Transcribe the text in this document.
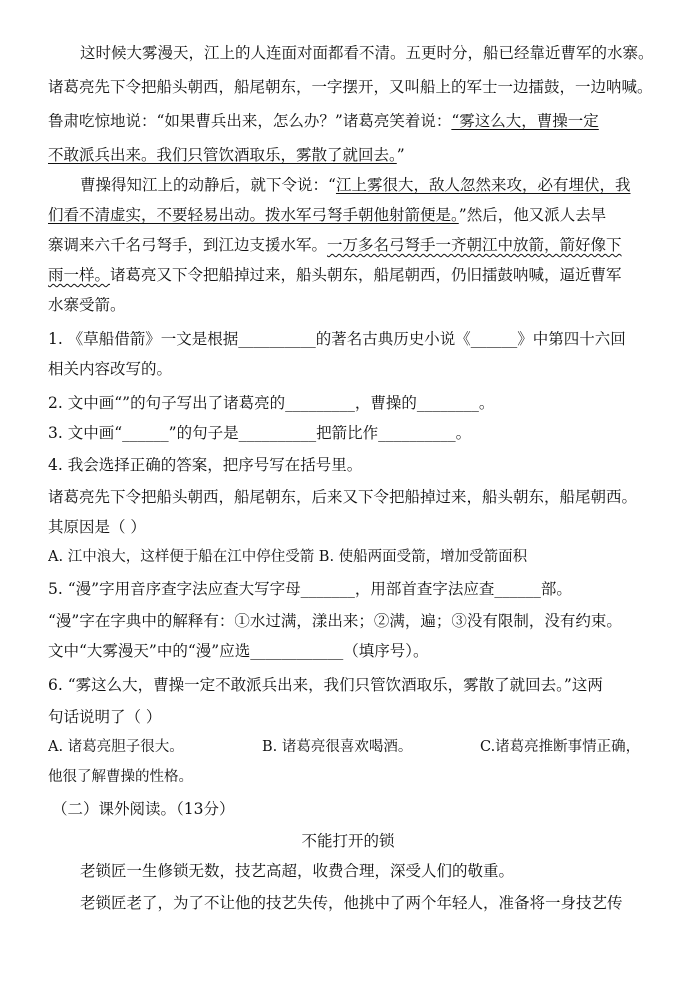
这时候大雾漫天，江上的人连面对面都看不清。五更时分，船已经靠近曹军的水寨。
诸葛亮先下令把船头朝西，船尾朝东，一字摆开，又叫船上的军士一边擂鼓，一边呐喊。
鲁肃吃惊地说：“如果曹兵出来，怎么办？”诸葛亮笑着说：“雾这么大，曹操一定
不敢派兵出来。我们只管饮酒取乐，雾散了就回去。”
曹操得知江上的动静后，就下令说：“江上雾很大，敌人忽然来攻，必有埋伏，我
们看不清虚实，不要轻易出动。拨水军弓弩手朝他射箭便是。”然后，他又派人去旱
寨调来六千名弓弩手，到江边支援水军。一万多名弓弩手一齐朝江中放箭，箭好像下
雨一样。诸葛亮又下令把船掉过来，船头朝东，船尾朝西，仍旧擂鼓呐喊，逼近曹军
水寨受箭。
1. 《草船借箭》一文是根据__________的著名古典历史小说《______》中第四十六回
相关内容改写的。
2. 文中画“”的句子写出了诸葛亮的_________，曹操的________。
3. 文中画“______”的句子是__________把箭比作__________。
4. 我会选择正确的答案，把序号写在括号里。
诸葛亮先下令把船头朝西，船尾朝东，后来又下令把船掉过来，船头朝东，船尾朝西。
其原因是（ ）
A. 江中浪大，这样便于船在江中停住受箭 B. 使船两面受箭，增加受箭面积
5. “漫”字用音序查字法应查大写字母_______，用部首查字法应查______部。
“漫”字在字典中的解释有：①水过满，漾出来；②满，遍；③没有限制，没有约束。
文中“大雾漫天”中的“漫”应选____________（填序号）。
6. “雾这么大，曹操一定不敢派兵出来，我们只管饮酒取乐，雾散了就回去。”这两
句话说明了（ ）
A. 诸葛亮胆子很大。	B. 诸葛亮很喜欢喝酒。	C.诸葛亮推断事情正确，
他很了解曹操的性格。
（二）课外阅读。（13分）
不能打开的锁
老锁匠一生修锁无数，技艺高超，收费合理，深受人们的敬重。
老锁匠老了，为了不让他的技艺失传，他挑中了两个年轻人，准备将一身技艺传
